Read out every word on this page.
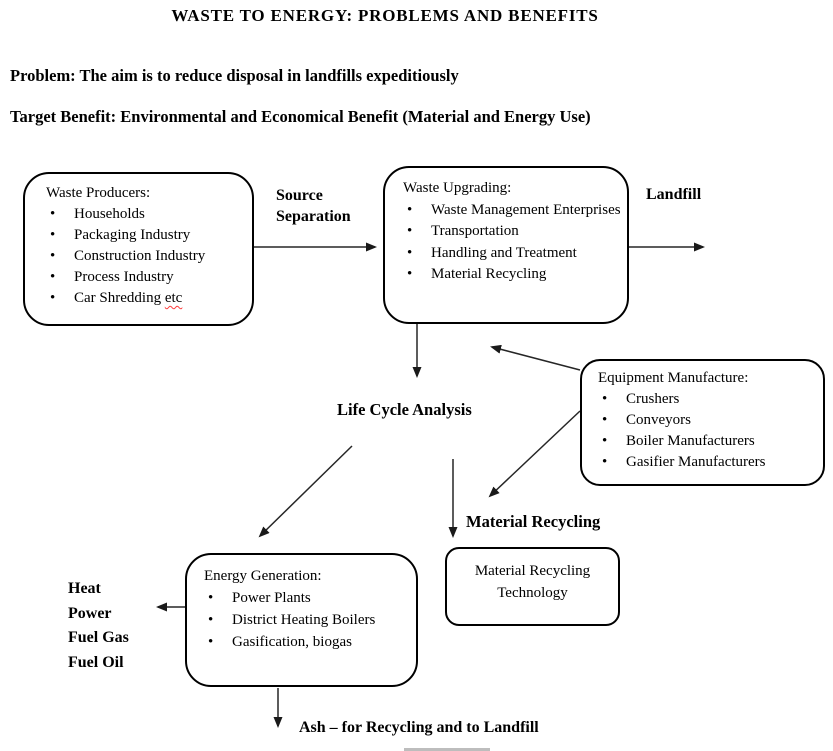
WASTE TO ENERGY: PROBLEMS AND BENEFITS
Problem: The aim is to reduce disposal in landfills expeditiously
Target Benefit: Environmental and Economical Benefit (Material and Energy Use)
Waste Producers:
• Households
• Packaging Industry
• Construction Industry
• Process Industry
• Car Shredding etc
Waste Upgrading:
• Waste Management Enterprises
• Transportation
• Handling and Treatment
• Material Recycling
Equipment Manufacture:
• Crushers
• Conveyors
• Boiler Manufacturers
• Gasifier Manufacturers
Material Recycling Technology
Energy Generation:
• Power Plants
• District Heating Boilers
• Gasification, biogas
Source Separation
Landfill
Life Cycle Analysis
Material Recycling
Heat
Power
Fuel Gas
Fuel Oil
Ash – for Recycling and to Landfill
